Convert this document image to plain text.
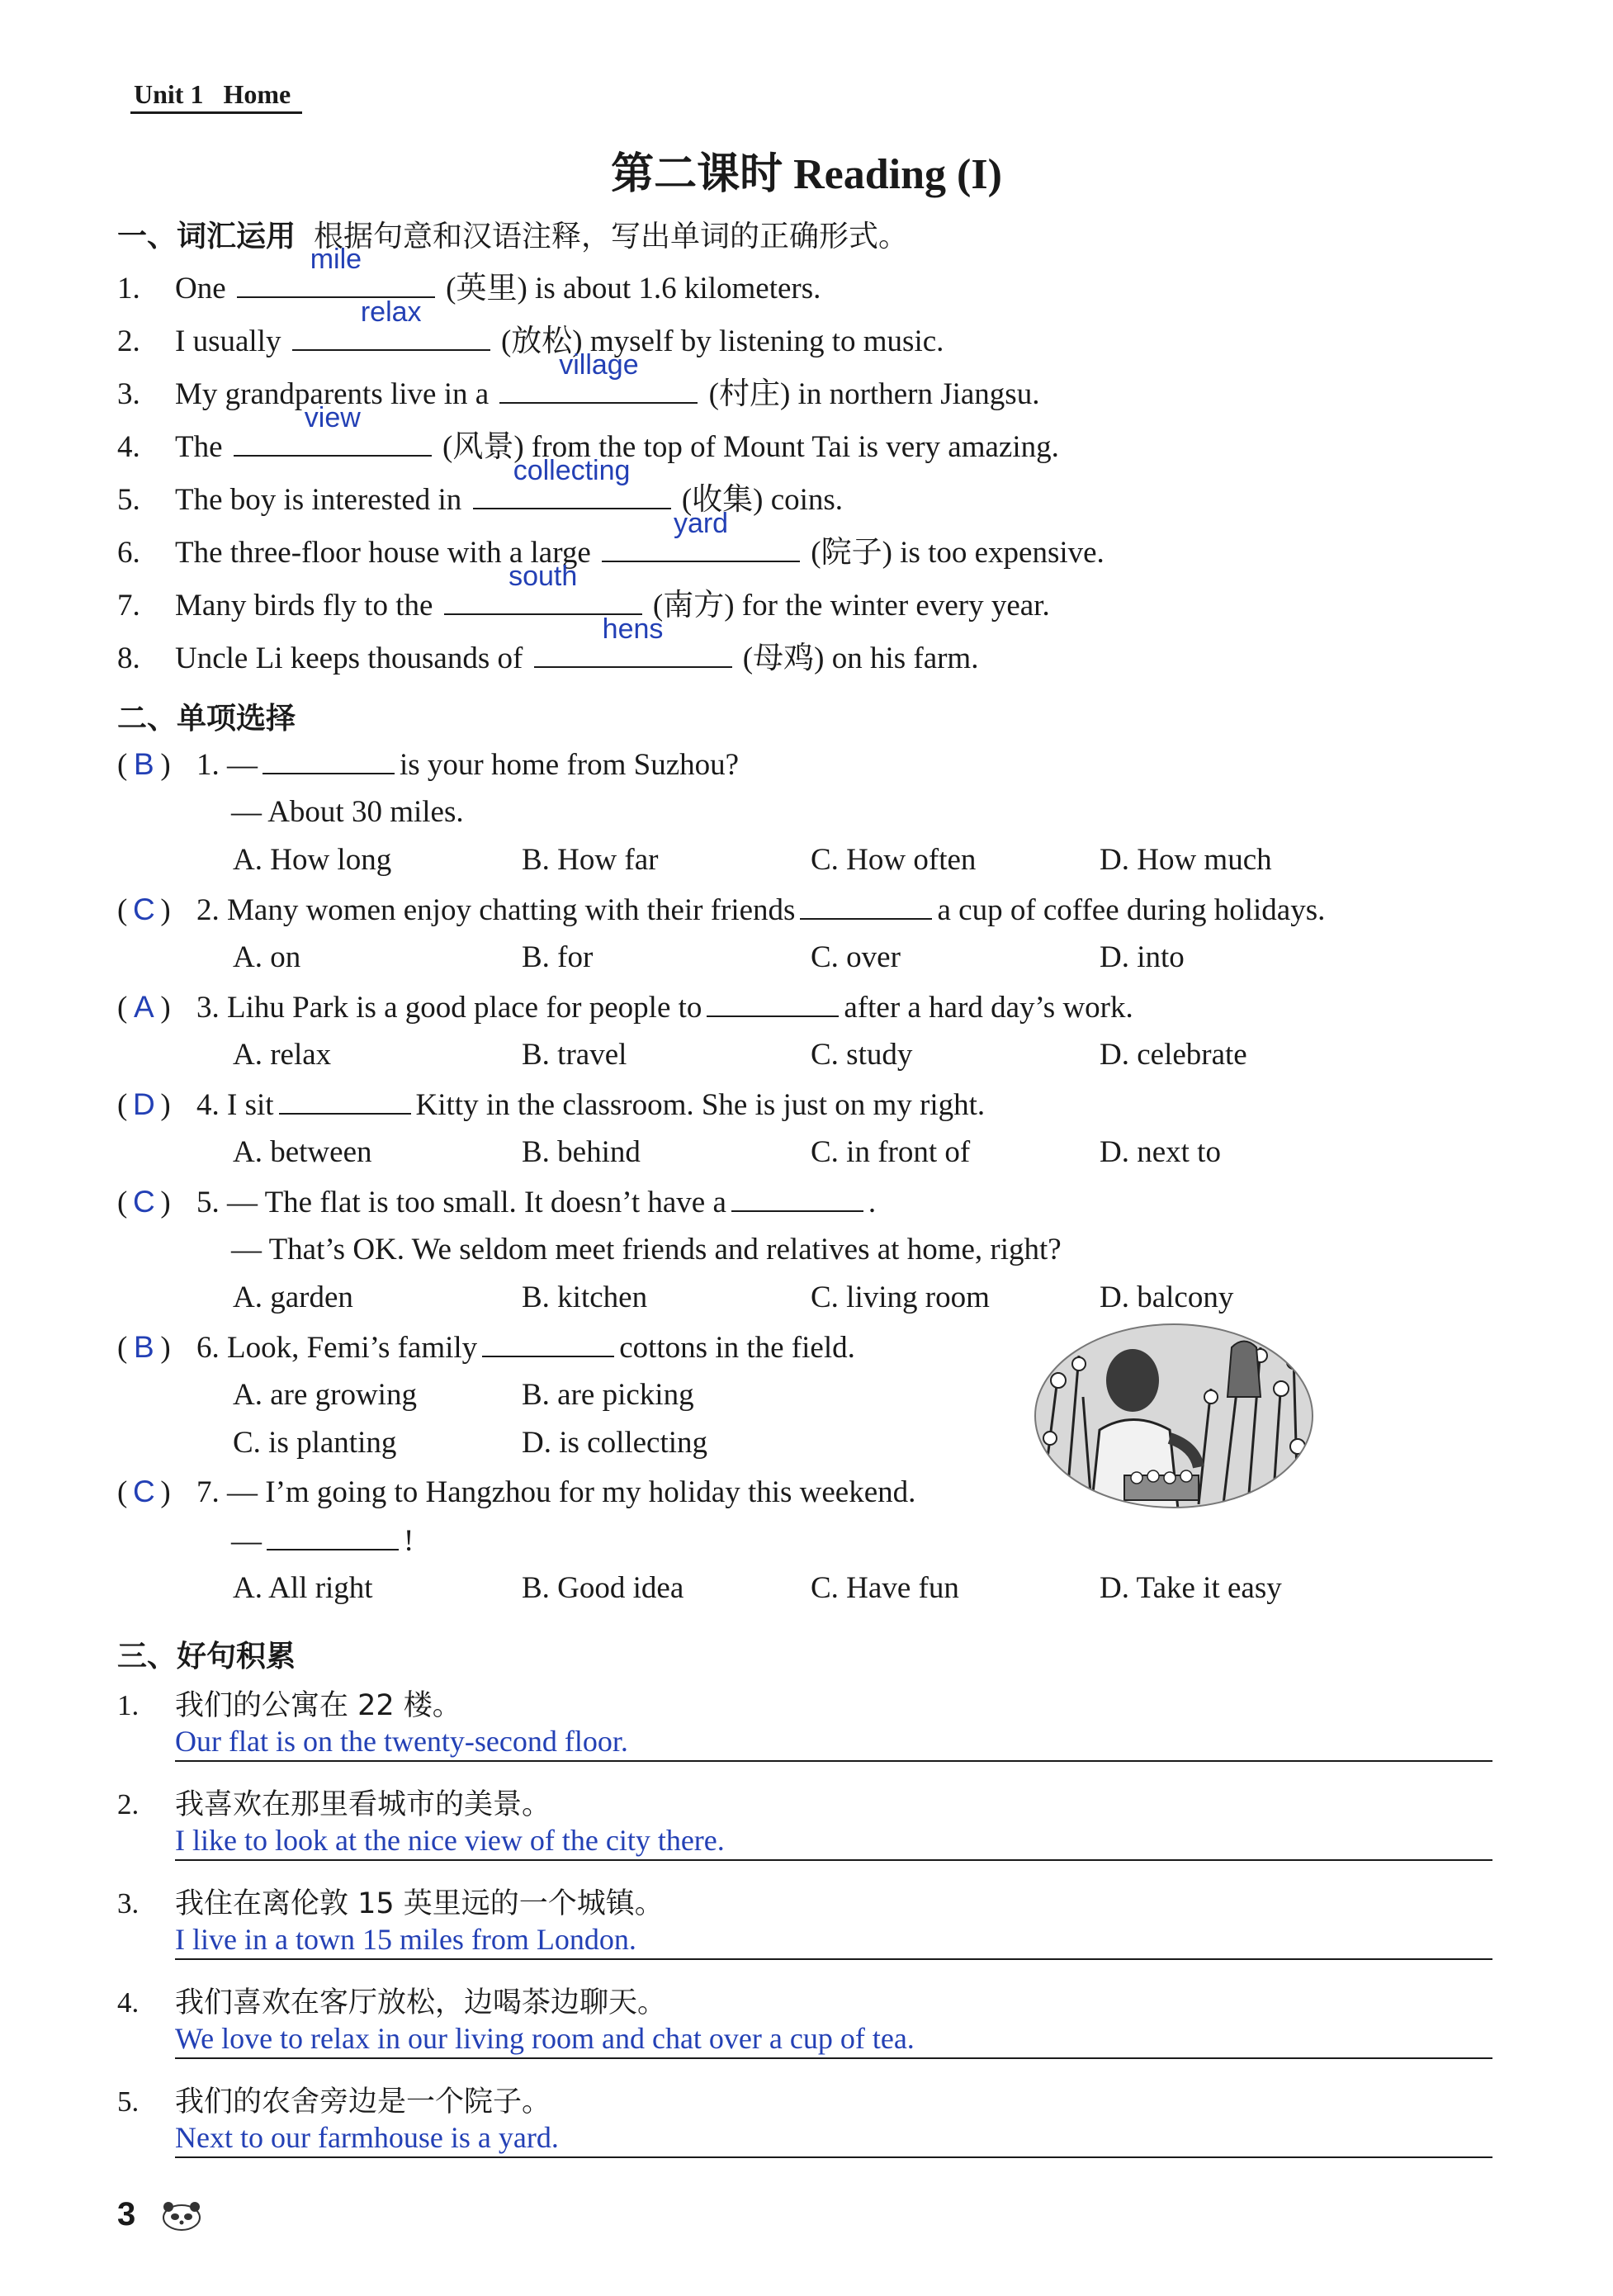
Unit 1   Home
第二课时 Reading (I)
一、词汇运用 根据句意和汉语注释，写出单词的正确形式。
1. One
mile
(英里) is about 1.6 kilometers.
2. I usually
relax
(放松) myself by listening to music.
3. My grandparents live in a
village
(村庄) in northern Jiangsu.
4. The
view
(风景) from the top of Mount Tai is very amazing.
5. The boy is interested in
collecting
(收集) coins.
6. The three-floor house with a large
yard
(院子) is too expensive.
7. Many birds fly to the
south
(南方) for the winter every year.
8. Uncle Li keeps thousands of
hens
(母鸡) on his farm.
二、单项选择
( B ) 1. —	is your home from Suzhou?
— About 30 miles.
A. How long	B. How far	C. How often	D. How much
( C ) 2. Many women enjoy chatting with their friends	a cup of coffee during holidays.
A. on	B. for	C. over	D. into
( A ) 3. Lihu Park is a good place for people to	after a hard day’s work.
A. relax	B. travel	C. study	D. celebrate
( D ) 4. I sit	Kitty in the classroom. She is just on my right.
A. between	B. behind	C. in front of	D. next to
( C ) 5. — The flat is too small. It doesn’t have a	.
— That’s OK. We seldom meet friends and relatives at home, right?
A. garden	B. kitchen	C. living room	D. balcony
( B ) 6. Look, Femi’s family	cottons in the field.
A. are growing	B. are picking
C. is planting	D. is collecting
( C ) 7. — I’m going to Hangzhou for my holiday this weekend.
—	!
A. All right	B. Good idea	C. Have fun	D. Take it easy
三、好句积累
1. 我们的公寓在 22 楼。
Our flat is on the twenty-second floor.
2. 我喜欢在那里看城市的美景。
I like to look at the nice view of the city there.
3. 我住在离伦敦 15 英里远的一个城镇。
I live in a town 15 miles from London.
4. 我们喜欢在客厅放松，边喝茶边聊天。
We love to relax in our living room and chat over a cup of tea.
5. 我们的农舍旁边是一个院子。
Next to our farmhouse is a yard.
3
